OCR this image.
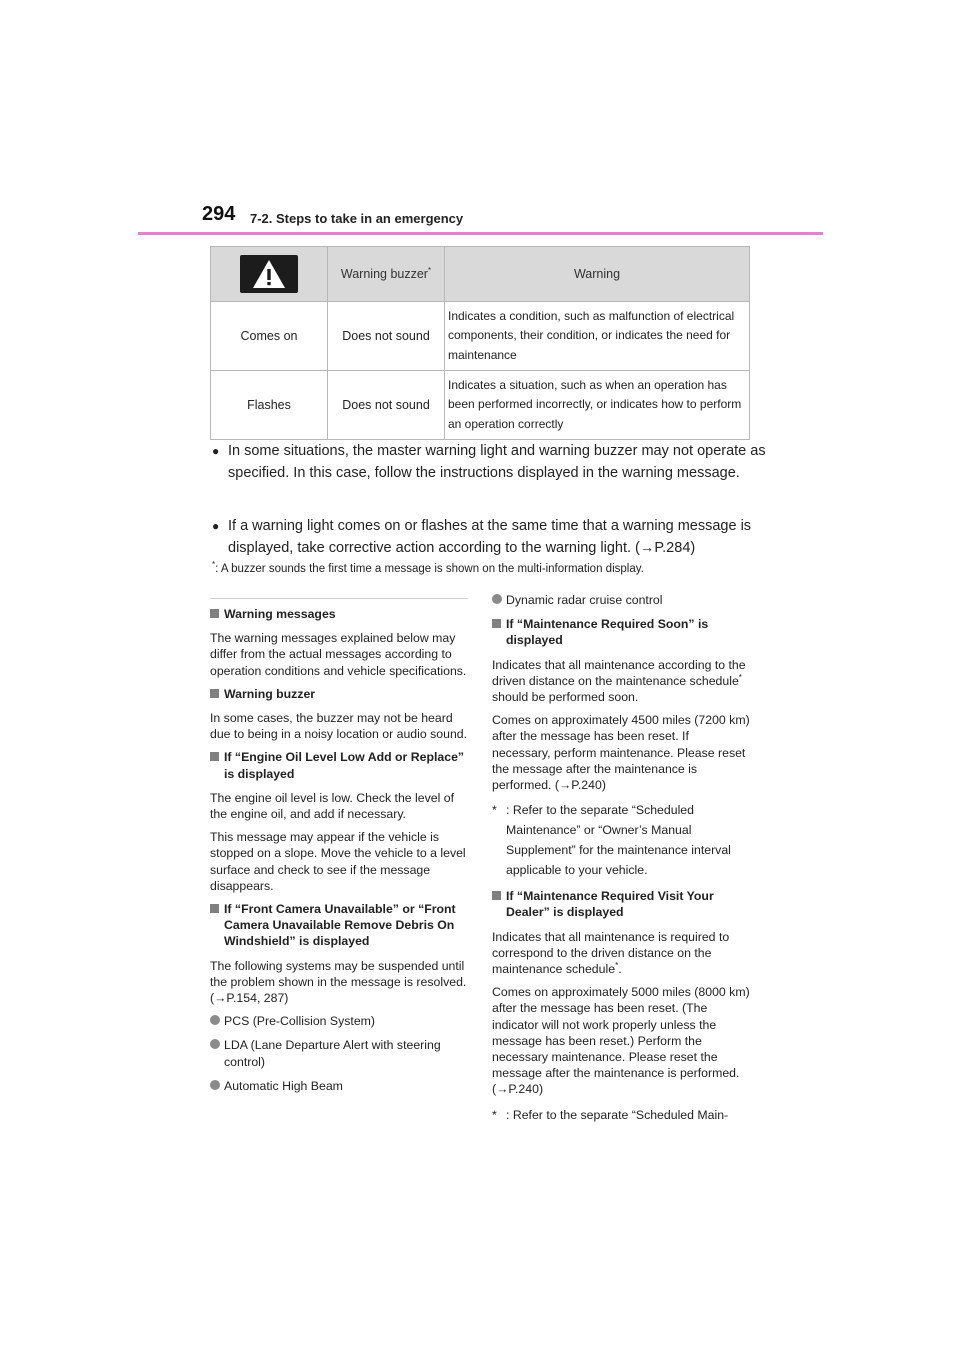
294 7-2. Steps to take in an emergency
	Warning buzzer*	Warning
Comes on	Does not sound	Indicates a condition, such as malfunction of electrical components, their condition, or indicates the need for maintenance
Flashes	Does not sound	Indicates a situation, such as when an operation has been performed incorrectly, or indicates how to perform an operation correctly
● In some situations, the master warning light and warning buzzer may not operate as specified. In this case, follow the instructions displayed in the warning message.
● If a warning light comes on or flashes at the same time that a warning message is displayed, take corrective action according to the warning light. (→P.284)
*: A buzzer sounds the first time a message is shown on the multi-information display.
Warning messages

The warning messages explained below may differ from the actual messages according to operation conditions and vehicle specifications.

Warning buzzer

In some cases, the buzzer may not be heard due to being in a noisy location or audio sound.

If “Engine Oil Level Low Add or Replace” is displayed

The engine oil level is low. Check the level of the engine oil, and add if necessary.

This message may appear if the vehicle is stopped on a slope. Move the vehicle to a level surface and check to see if the message disappears.

If “Front Camera Unavailable” or “Front Camera Unavailable Remove Debris On Windshield” is displayed

The following systems may be suspended until the problem shown in the message is resolved. (→P.154, 287)

PCS (Pre-Collision System)
LDA (Lane Departure Alert with steering control)
Automatic High Beam
Dynamic radar cruise control
If “Maintenance Required Soon” is displayed

Indicates that all maintenance according to the driven distance on the maintenance schedule* should be performed soon.

Comes on approximately 4500 miles (7200 km) after the message has been reset. If necessary, perform maintenance. Please reset the message after the maintenance is performed. (→P.240)

* : Refer to the separate “Scheduled Maintenance” or “Owner’s Manual Supplement” for the maintenance interval applicable to your vehicle.
If “Maintenance Required Visit Your Dealer” is displayed

Indicates that all maintenance is required to correspond to the driven distance on the maintenance schedule*.

Comes on approximately 5000 miles (8000 km) after the message has been reset. (The indicator will not work properly unless the message has been reset.) Perform the necessary maintenance. Please reset the message after the maintenance is performed. (→P.240)

* : Refer to the separate “Scheduled Main-
